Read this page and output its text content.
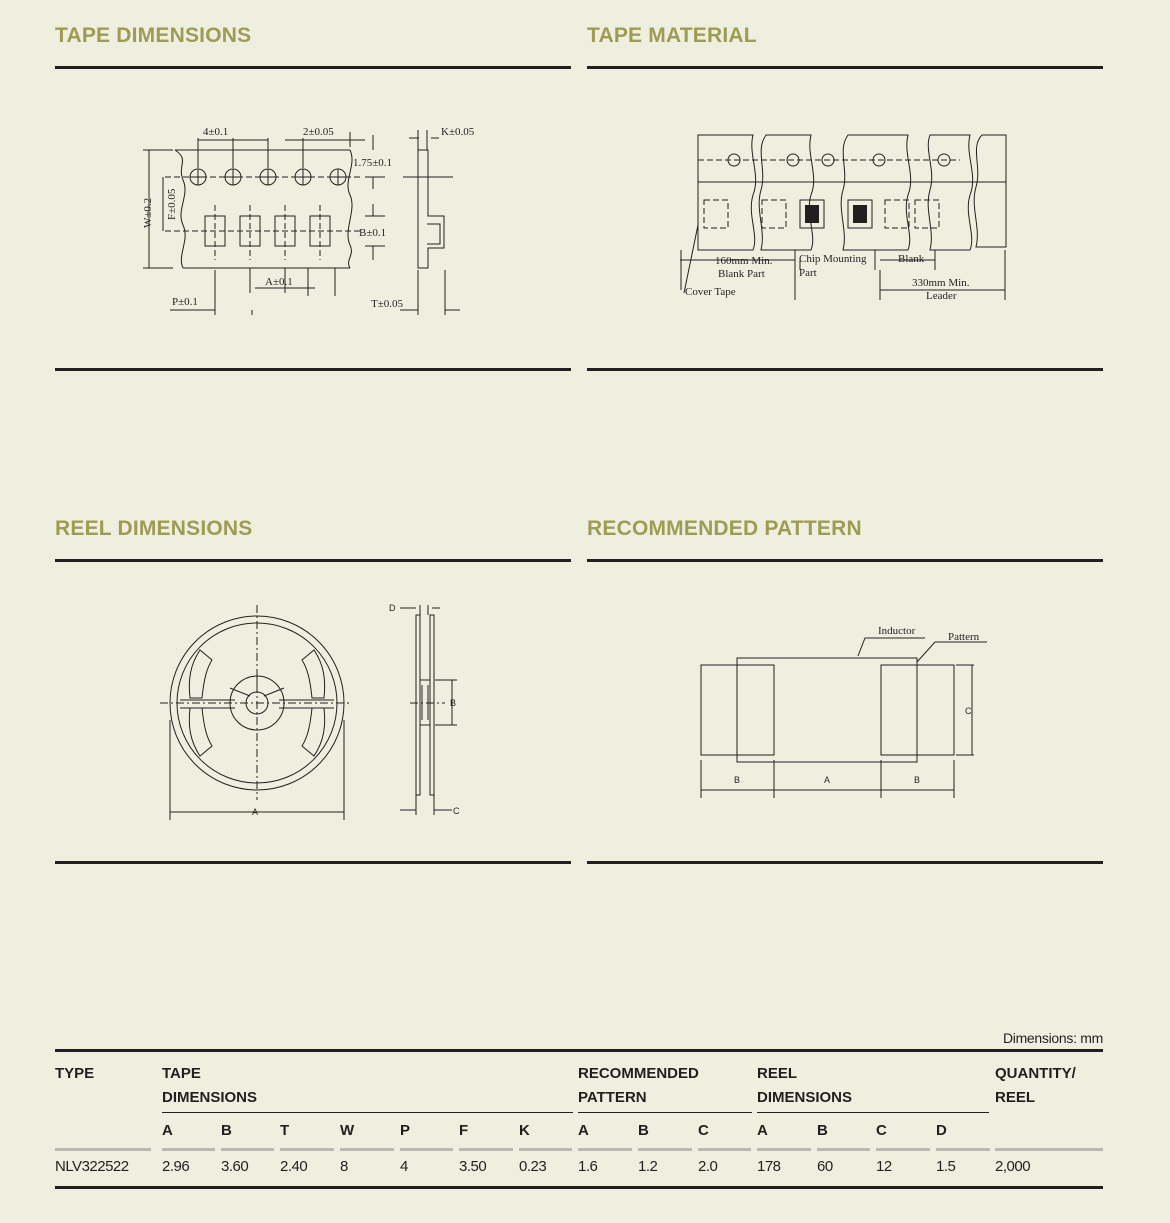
TAPE DIMENSIONS
4±0.1	2±0.05
1.75±0.1
B±0.1
W±0.2 F±0.05
A±0.1
P±0.1
K±0.05
T±0.05
TAPE MATERIAL
160mm Min.
Blank Part
Chip Mounting
Part
Blank
330mm Min.
Leader
Cover Tape
REEL DIMENSIONS
A
B
D
C
RECOMMENDED PATTERN
Inductor	Pattern
C
B	A	B
Dimensions: mm
TYPE	TAPE
DIMENSIONS
RECOMMENDED
PATTERN
REEL
DIMENSIONS
QUANTITY/
REEL
A	B	T	W	P	F	K	A	B	C	A	B	C	D
NLV322522 2.96 3.60 2.40 8	4	3.50 0.23 1.6	1.2	2.0	178 60	12	1.5	2,000
